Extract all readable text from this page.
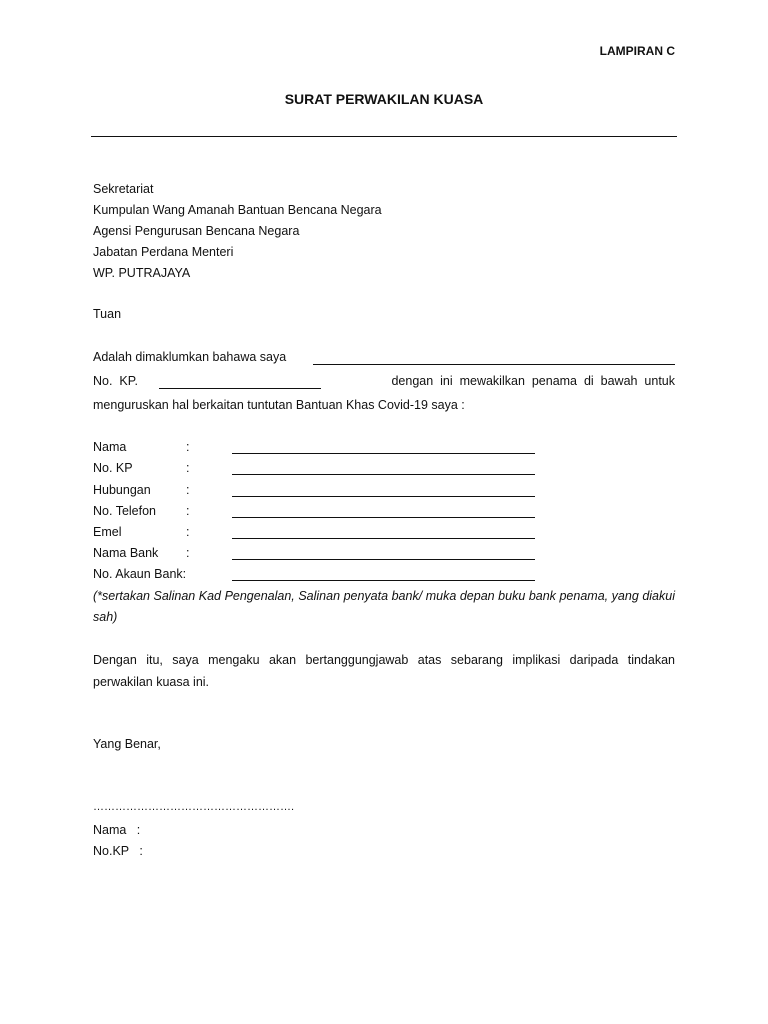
LAMPIRAN C
SURAT PERWAKILAN KUASA
Sekretariat
Kumpulan Wang Amanah Bantuan Bencana Negara
Agensi Pengurusan Bencana Negara
Jabatan Perdana Menteri
WP. PUTRAJAYA
Tuan
Adalah dimaklumkan bahawa saya
No.  KP.	dengan  ini  mewakilkan  penama  di  bawah  untuk
menguruskan hal berkaitan tuntutan Bantuan Khas Covid-19 saya :
Nama	:
No. KP	:
Hubungan	:
No. Telefon :
Emel	:
Nama Bank :
No. Akaun Bank:
(*sertakan Salinan Kad Pengenalan, Salinan penyata bank/ muka depan buku bank penama, yang diakui sah)
Dengan itu, saya mengaku akan bertanggungjawab atas sebarang implikasi daripada tindakan perwakilan kuasa ini.
Yang Benar,
……………………………………………….
Nama   :
No.KP   :
